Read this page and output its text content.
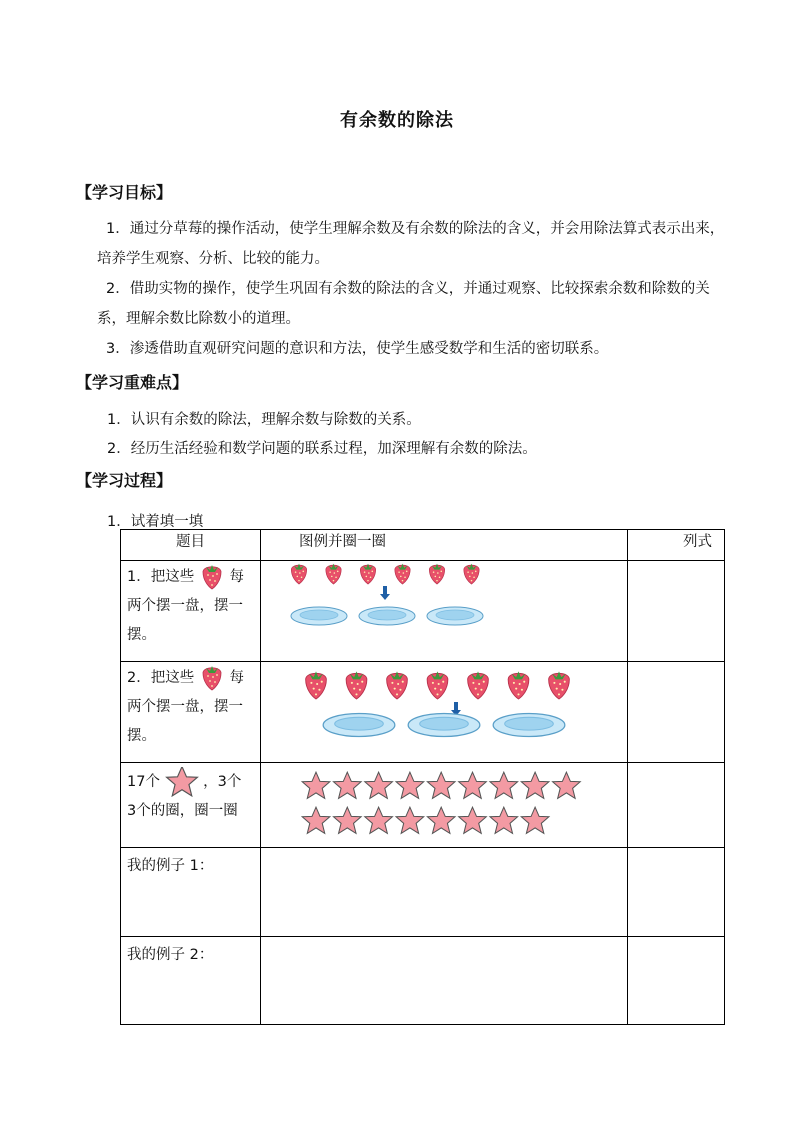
有余数的除法
【学习目标】
1．通过分草莓的操作活动，使学生理解余数及有余数的除法的含义，并会用除法算式表示出来，培养学生观察、分析、比较的能力。
2．借助实物的操作，使学生巩固有余数的除法的含义，并通过观察、比较探索余数和除数的关系，理解余数比除数小的道理。
3．渗透借助直观研究问题的意识和方法，使学生感受数学和生活的密切联系。
【学习重难点】
1．认识有余数的除法，理解余数与除数的关系。
2．经历生活经验和数学问题的联系过程，加深理解有余数的除法。
【学习过程】
1．试着填一填
题目	图例并圈一圈	列式

1．把这些 每
两个摆一盘，摆一摆。

2．把这些 每
两个摆一盘，摆一摆。

17个 ，3个
3个的圈，圈一圈

我的例子 1：		

我的例子 2：		
